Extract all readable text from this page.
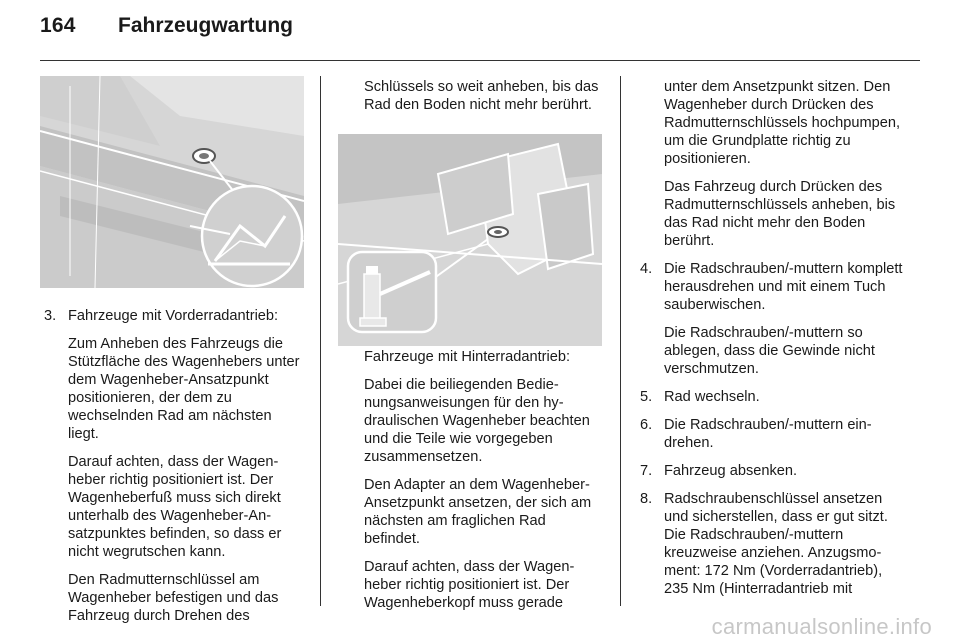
164 Fahrzeugwartung
3. Fahrzeuge mit Vorderradantrieb:

Zum Anheben des Fahrzeugs die Stützfläche des Wagenhebers unter dem Wagenheber-Ansatzpunkt positionieren, der dem zu wechselnden Rad am nächsten liegt.

Darauf achten, dass der Wagenheber richtig positioniert ist. Der Wagenheberfuß muss sich direkt unterhalb des Wagenheber-Ansatzpunktes befinden, so dass er nicht wegrutschen kann.

Den Radmutternschlüssel am Wagenheber befestigen und das Fahrzeug durch Drehen des

Schlüssels so weit anheben, bis das Rad den Boden nicht mehr berührt.

Fahrzeuge mit Hinterradantrieb:

Dabei die beiliegenden Bedienungsanweisungen für den hydraulischen Wagenheber beachten und die Teile wie vorgegeben zusammensetzen.

Den Adapter an dem Wagenheber-Ansetzpunkt ansetzen, der sich am nächsten am fraglichen Rad befindet.

Darauf achten, dass der Wagenheber richtig positioniert ist. Der Wagenheberkopf muss gerade

unter dem Ansetzpunkt sitzen. Den Wagenheber durch Drücken des Radmutternschlüssels hochpumpen, um die Grundplatte richtig zu positionieren.

Das Fahrzeug durch Drücken des Radmutternschlüssels anheben, bis das Rad nicht mehr den Boden berührt.

4. Die Radschrauben/-muttern komplett herausdrehen und mit einem Tuch sauberwischen.

Die Radschrauben/-muttern so ablegen, dass die Gewinde nicht verschmutzen.

5. Rad wechseln.

6. Die Radschrauben/-muttern eindrehen.

7. Fahrzeug absenken.

8. Radschraubenschlüssel ansetzen und sicherstellen, dass er gut sitzt. Die Radschrauben/-muttern kreuzweise anziehen. Anzugsmoment: 172 Nm (Vorderradantrieb), 235 Nm (Hinterradantrieb mit

carmanualsonline.info
